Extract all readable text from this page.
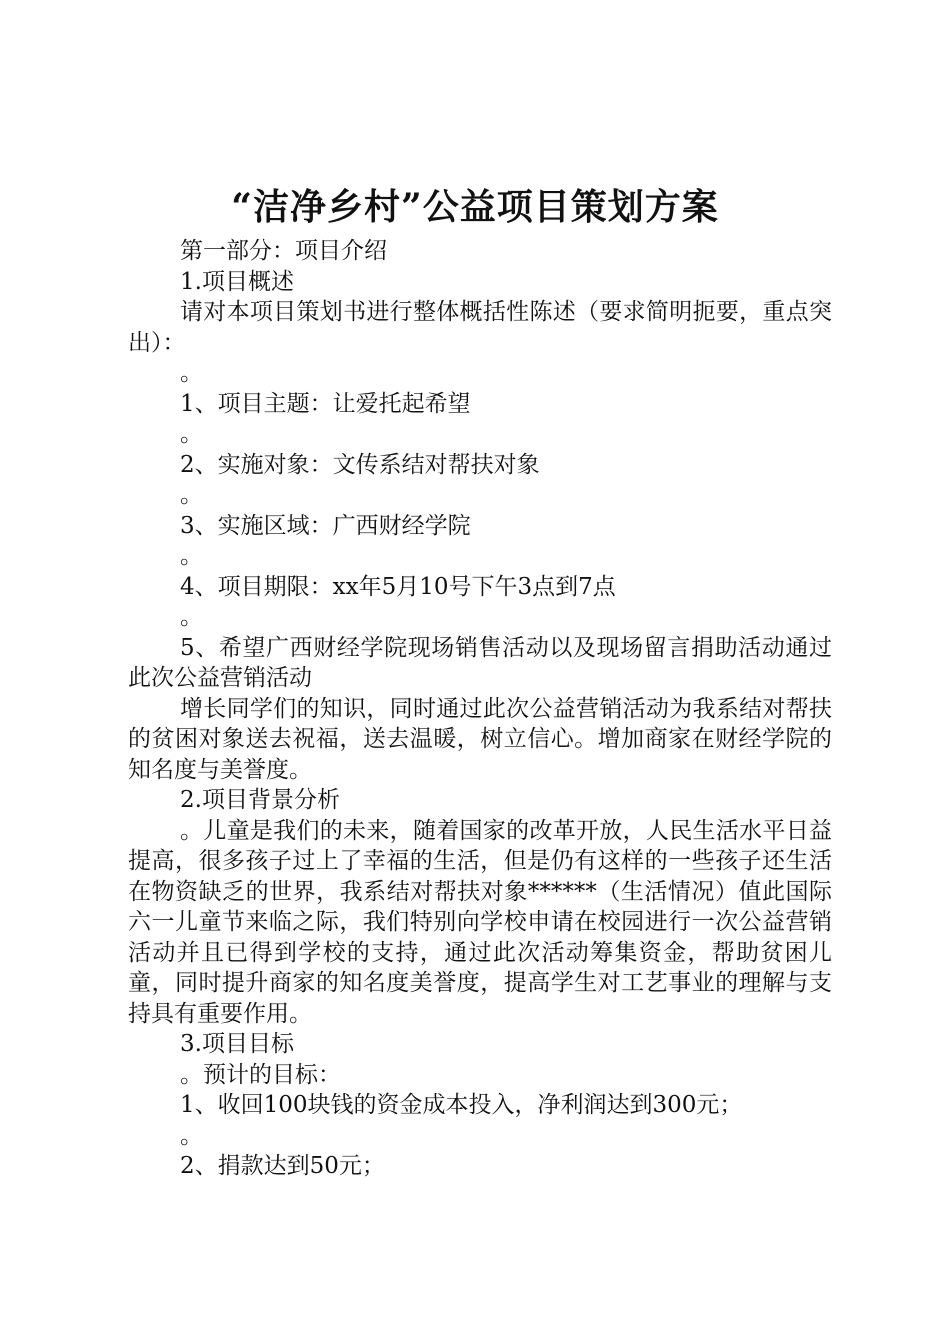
“洁净乡村”公益项目策划方案

第一部分：项目介绍

1.项目概述

请对本项目策划书进行整体概括性陈述（要求简明扼要，重点突出）：

。

1、项目主题：让爱托起希望

。

2、实施对象：文传系结对帮扶对象

。

3、实施区域：广西财经学院

。

4、项目期限：xx年5月10号下午3点到7点

。

5、希望广西财经学院现场销售活动以及现场留言捐助活动通过此次公益营销活动

增长同学们的知识，同时通过此次公益营销活动为我系结对帮扶的贫困对象送去祝福，送去温暖，树立信心。增加商家在财经学院的知名度与美誉度。

2.项目背景分析

。儿童是我们的未来，随着国家的改革开放，人民生活水平日益提高，很多孩子过上了幸福的生活，但是仍有这样的一些孩子还生活在物资缺乏的世界，我系结对帮扶对象******（生活情况）值此国际六一儿童节来临之际，我们特别向学校申请在校园进行一次公益营销活动并且已得到学校的支持，通过此次活动筹集资金，帮助贫困儿童，同时提升商家的知名度美誉度，提高学生对工艺事业的理解与支持具有重要作用。

3.项目目标

。预计的目标：

1、收回100块钱的资金成本投入，净利润达到300元；

。

2、捐款达到50元；
